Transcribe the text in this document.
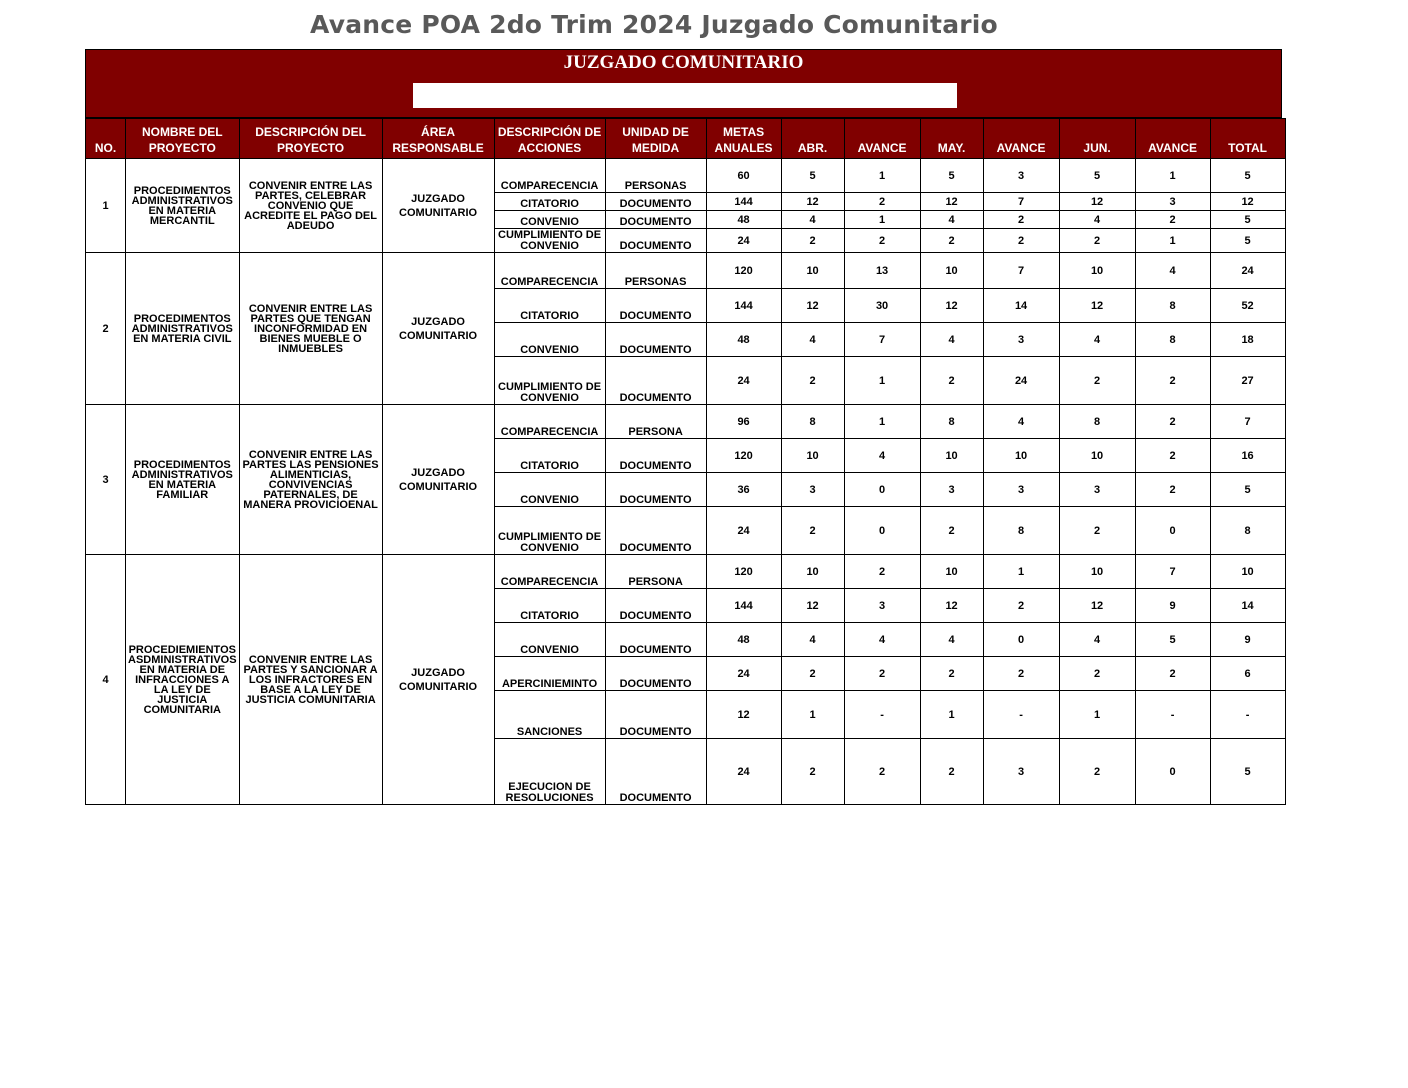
Avance POA 2do Trim 2024 Juzgado Comunitario
JUZGADO COMUNITARIO
NO.	NOMBRE DEL PROYECTO	DESCRIPCIÓN DEL PROYECTO	ÁREA RESPONSABLE	DESCRIPCIÓN DE ACCIONES	UNIDAD DE MEDIDA	METAS ANUALES	ABR.	AVANCE	MAY.	AVANCE	JUN.	AVANCE	TOTAL
1	PROCEDIMENTOS ADMINISTRATIVOS EN MATERIA MERCANTIL	CONVENIR ENTRE LAS PARTES, CELEBRAR CONVENIO QUE ACREDITE EL PAGO DEL ADEUDO	JUZGADO COMUNITARIO	COMPARECENCIA	PERSONAS	60	5	1	5	3	5	1	5
				CITATORIO	DOCUMENTO	144	12	2	12	7	12	3	12
				CONVENIO	DOCUMENTO	48	4	1	4	2	4	2	5
				CUMPLIMIENTO DE CONVENIO	DOCUMENTO	24	2	2	2	2	2	1	5
2	PROCEDIMENTOS ADMINISTRATIVOS EN MATERIA CIVIL	CONVENIR ENTRE LAS PARTES QUE TENGAN INCONFORMIDAD EN BIENES MUEBLE O INMUEBLES	JUZGADO COMUNITARIO	COMPARECENCIA	PERSONAS	120	10	13	10	7	10	4	24
				CITATORIO	DOCUMENTO	144	12	30	12	14	12	8	52
				CONVENIO	DOCUMENTO	48	4	7	4	3	4	8	18
				CUMPLIMIENTO DE CONVENIO	DOCUMENTO	24	2	1	2	24	2	2	27
3	PROCEDIMENTOS ADMINISTRATIVOS EN MATERIA FAMILIAR	CONVENIR ENTRE LAS PARTES LAS PENSIONES ALIMENTICIAS, CONVIVENCIAS PATERNALES, DE MANERA PROVICIOENAL	JUZGADO COMUNITARIO	COMPARECENCIA	PERSONA	96	8	1	8	4	8	2	7
				CITATORIO	DOCUMENTO	120	10	4	10	10	10	2	16
				CONVENIO	DOCUMENTO	36	3	0	3	3	3	2	5
				CUMPLIMIENTO DE CONVENIO	DOCUMENTO	24	2	0	2	8	2	0	8
4	PROCEDIEMIENTOS ASDMINISTRATIVOS EN MATERIA DE INFRACCIONES A LA LEY DE JUSTICIA COMUNITARIA	CONVENIR ENTRE LAS PARTES Y SANCIONAR A LOS INFRACTORES EN BASE A LA LEY DE JUSTICIA COMUNITARIA	JUZGADO COMUNITARIO	COMPARECENCIA	PERSONA	120	10	2	10	1	10	7	10
				CITATORIO	DOCUMENTO	144	12	3	12	2	12	9	14
				CONVENIO	DOCUMENTO	48	4	4	4	0	4	5	9
				APERCINIEMINTO	DOCUMENTO	24	2	2	2	2	2	2	6
				SANCIONES	DOCUMENTO	12	1	-	1	-	1	-	-
				EJECUCION DE RESOLUCIONES	DOCUMENTO	24	2	2	2	3	2	0	5
